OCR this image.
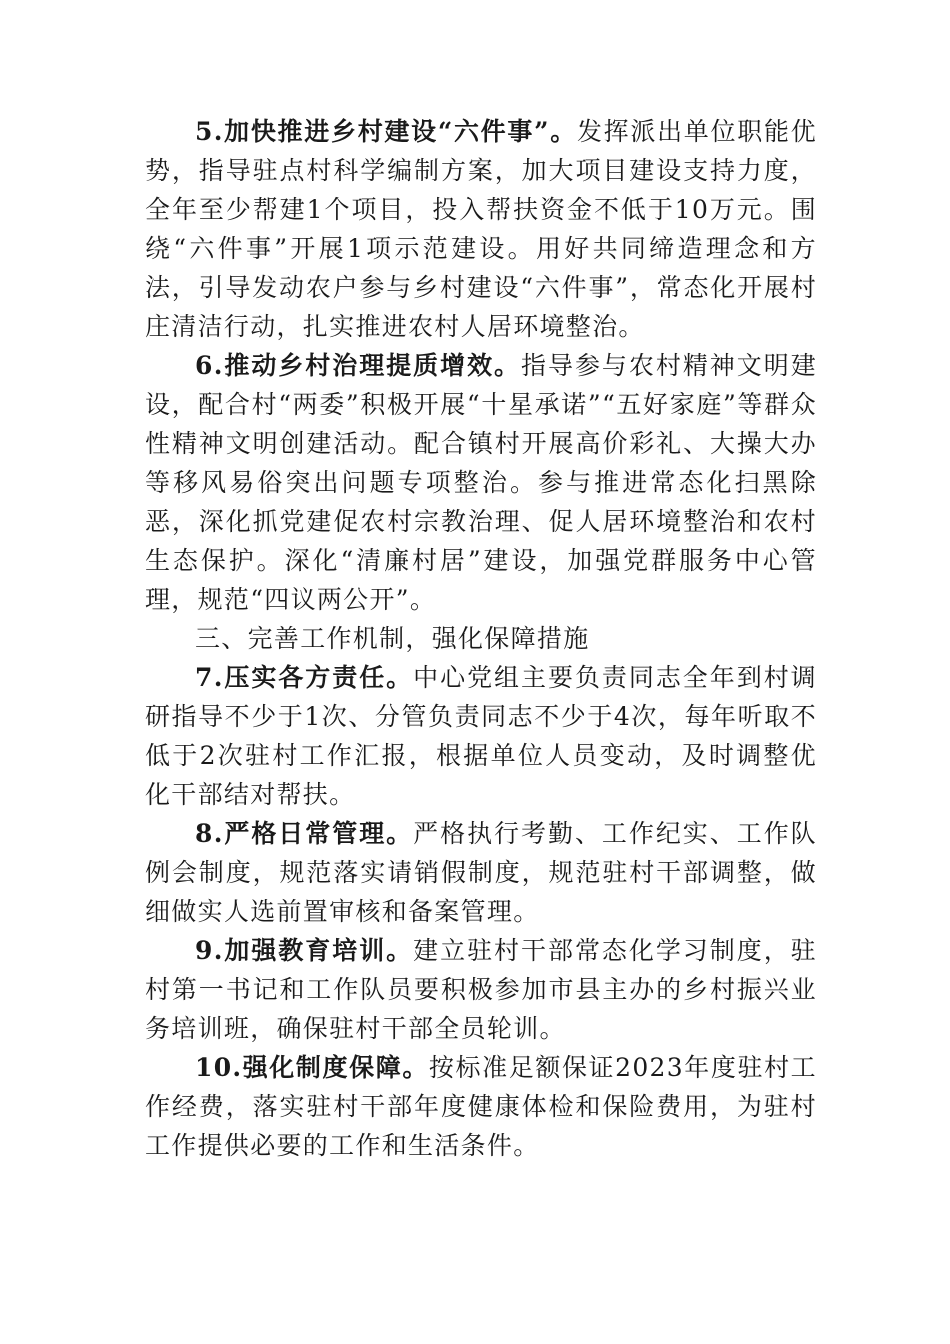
5.加快推进乡村建设“六件事”。发挥派出单位职能优势，指导驻点村科学编制方案，加大项目建设支持力度，全年至少帮建1个项目，投入帮扶资金不低于10万元。围绕“六件事”开展1项示范建设。用好共同缔造理念和方法，引导发动农户参与乡村建设“六件事”，常态化开展村庄清洁行动，扎实推进农村人居环境整治。

6.推动乡村治理提质增效。指导参与农村精神文明建设，配合村“两委”积极开展“十星承诺”“五好家庭”等群众性精神文明创建活动。配合镇村开展高价彩礼、大操大办等移风易俗突出问题专项整治。参与推进常态化扫黑除恶，深化抓党建促农村宗教治理、促人居环境整治和农村生态保护。深化“清廉村居”建设，加强党群服务中心管理，规范“四议两公开”。

三、完善工作机制，强化保障措施

7.压实各方责任。中心党组主要负责同志全年到村调研指导不少于1次、分管负责同志不少于4次，每年听取不低于2次驻村工作汇报，根据单位人员变动，及时调整优化干部结对帮扶。

8.严格日常管理。严格执行考勤、工作纪实、工作队例会制度，规范落实请销假制度，规范驻村干部调整，做细做实人选前置审核和备案管理。

9.加强教育培训。建立驻村干部常态化学习制度，驻村第一书记和工作队员要积极参加市县主办的乡村振兴业务培训班，确保驻村干部全员轮训。

10.强化制度保障。按标准足额保证2023年度驻村工作经费，落实驻村干部年度健康体检和保险费用，为驻村工作提供必要的工作和生活条件。
